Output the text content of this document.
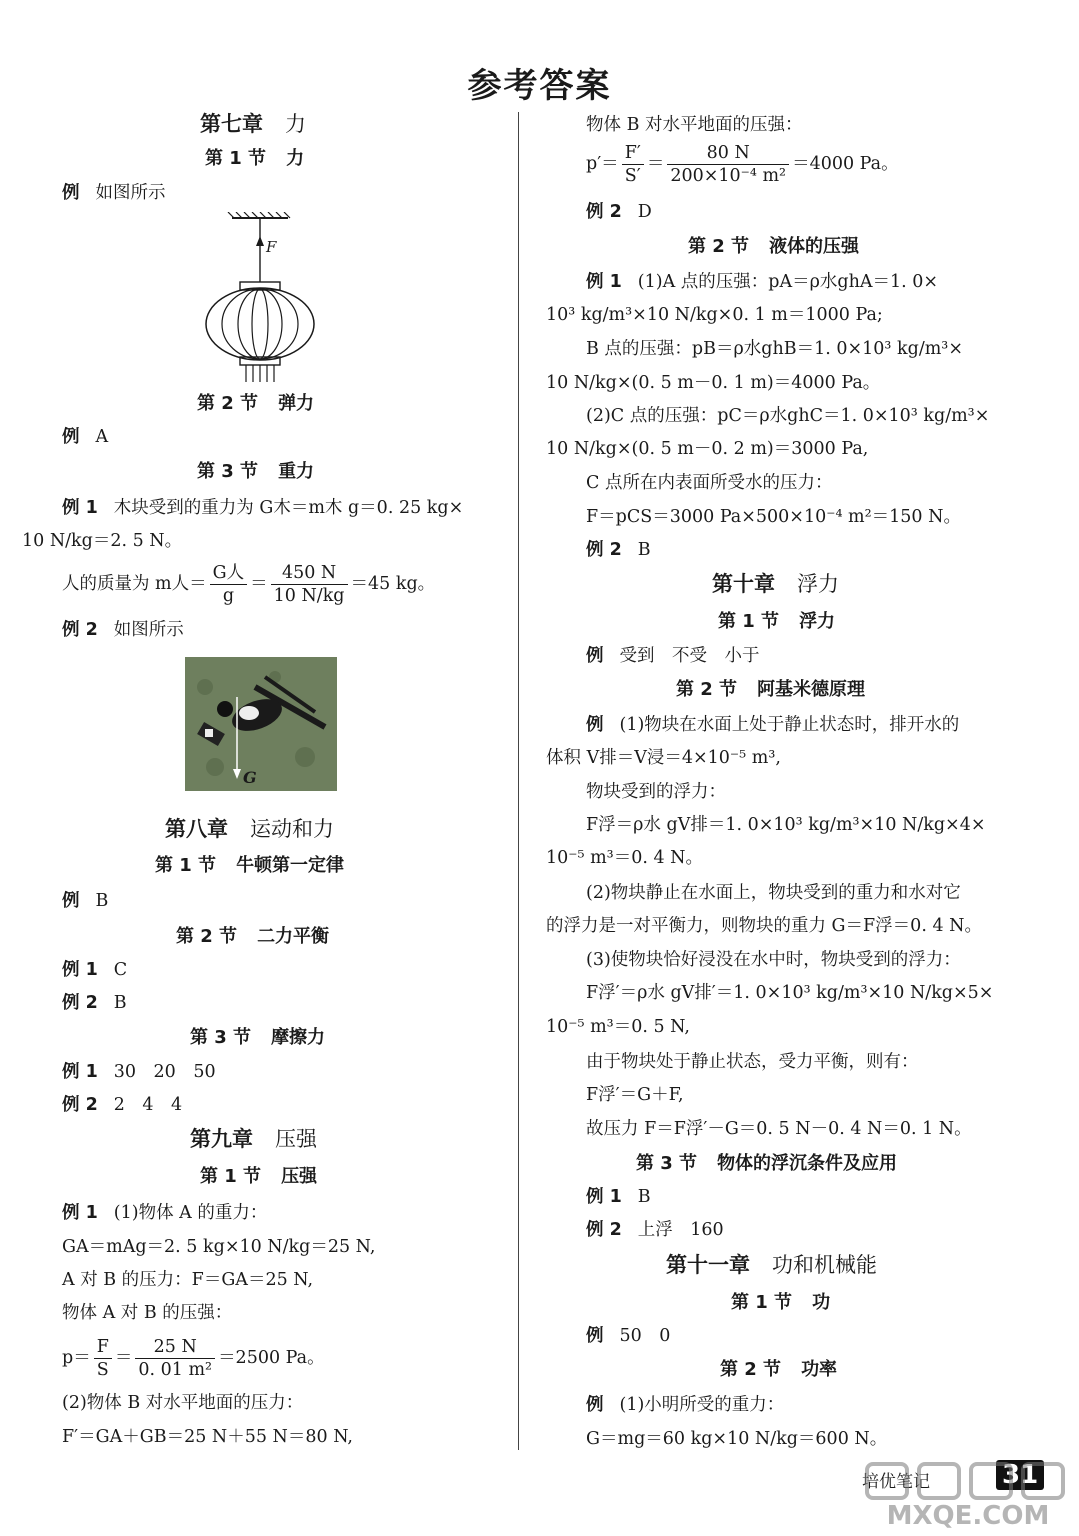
参考答案
第七章 力
第 1 节 力
例 如图所示
F
第 2 节 弹力
例 A
第 3 节 重力
例 1 木块受到的重力为 G木＝m木 g＝0. 25 kg×
10 N/kg＝2. 5 N。
人的质量为 m人＝ $\frac{\text{G人}}{g} = \frac{450 N}{10 N/kg} =45$ kg。
例 2 如图所示
G
第八章 运动和力
第 1 节 牛顿第一定律
例 B
第 2 节 二力平衡
例 1 C
例 2 B
第 3 节 摩擦力
例 1 30　20　50
例 2 2　4　4
第九章 压强
第 1 节 压强
例 1 (1)物体 A 的重力：
GA＝mAg＝2. 5 kg×10 N/kg＝25 N,
A 对 B 的压力：F＝GA＝25 N,
物体 A 对 B 的压强：
$p= \frac{F}{S} = \frac{25 N}{\text{0. 01 m²}} =2500$ Pa。
(2)物体 B 对水平地面的压力：
F′＝GA＋GB＝25 N＋55 N＝80 N,
物体 B 对水平地面的压强：
$p'= \frac{F'}{S'} = \frac{80 N}{\text{200×10⁻⁴ m²}} =4000$ Pa。
例 2 D
第 2 节 液体的压强
例 1 (1)A 点的压强：pA＝ρ水ghA＝1. 0×
10³ kg/m³×10 N/kg×0. 1 m＝1000 Pa;
B 点的压强：pB＝ρ水ghB＝1. 0×10³ kg/m³×
10 N/kg×(0. 5 m－0. 1 m)＝4000 Pa。
(2)C 点的压强：pC＝ρ水ghC＝1. 0×10³ kg/m³×
10 N/kg×(0. 5 m－0. 2 m)＝3000 Pa,
C 点所在内表面所受水的压力：
F＝pCS＝3000 Pa×500×10⁻⁴ m²＝150 N。
例 2 B
第十章 浮力
第 1 节 浮力
例 受到　不受　小于
第 2 节 阿基米德原理
例 (1)物块在水面上处于静止状态时，排开水的
体积 V排＝V浸＝4×10⁻⁵ m³,
物块受到的浮力：
F浮＝ρ水 gV排＝1. 0×10³ kg/m³×10 N/kg×4×
10⁻⁵ m³＝0. 4 N。
(2)物块静止在水面上，物块受到的重力和水对它
的浮力是一对平衡力，则物块的重力 G＝F浮＝0. 4 N。
(3)使物块恰好浸没在水中时，物块受到的浮力：
F浮′＝ρ水 gV排′＝1. 0×10³ kg/m³×10 N/kg×5×
10⁻⁵ m³＝0. 5 N,
由于物块处于静止状态，受力平衡，则有：
F浮′＝G＋F,
故压力 F＝F浮′－G＝0. 5 N－0. 4 N＝0. 1 N。
第 3 节 物体的浮沉条件及应用
例 1 B
例 2 上浮　160
第十一章 功和机械能
第 1 节 功
例 50　0
第 2 节 功率
例 (1)小明所受的重力：
G＝mg＝60 kg×10 N/kg＝600 N。
培优笔记	31
MXQE.COM
